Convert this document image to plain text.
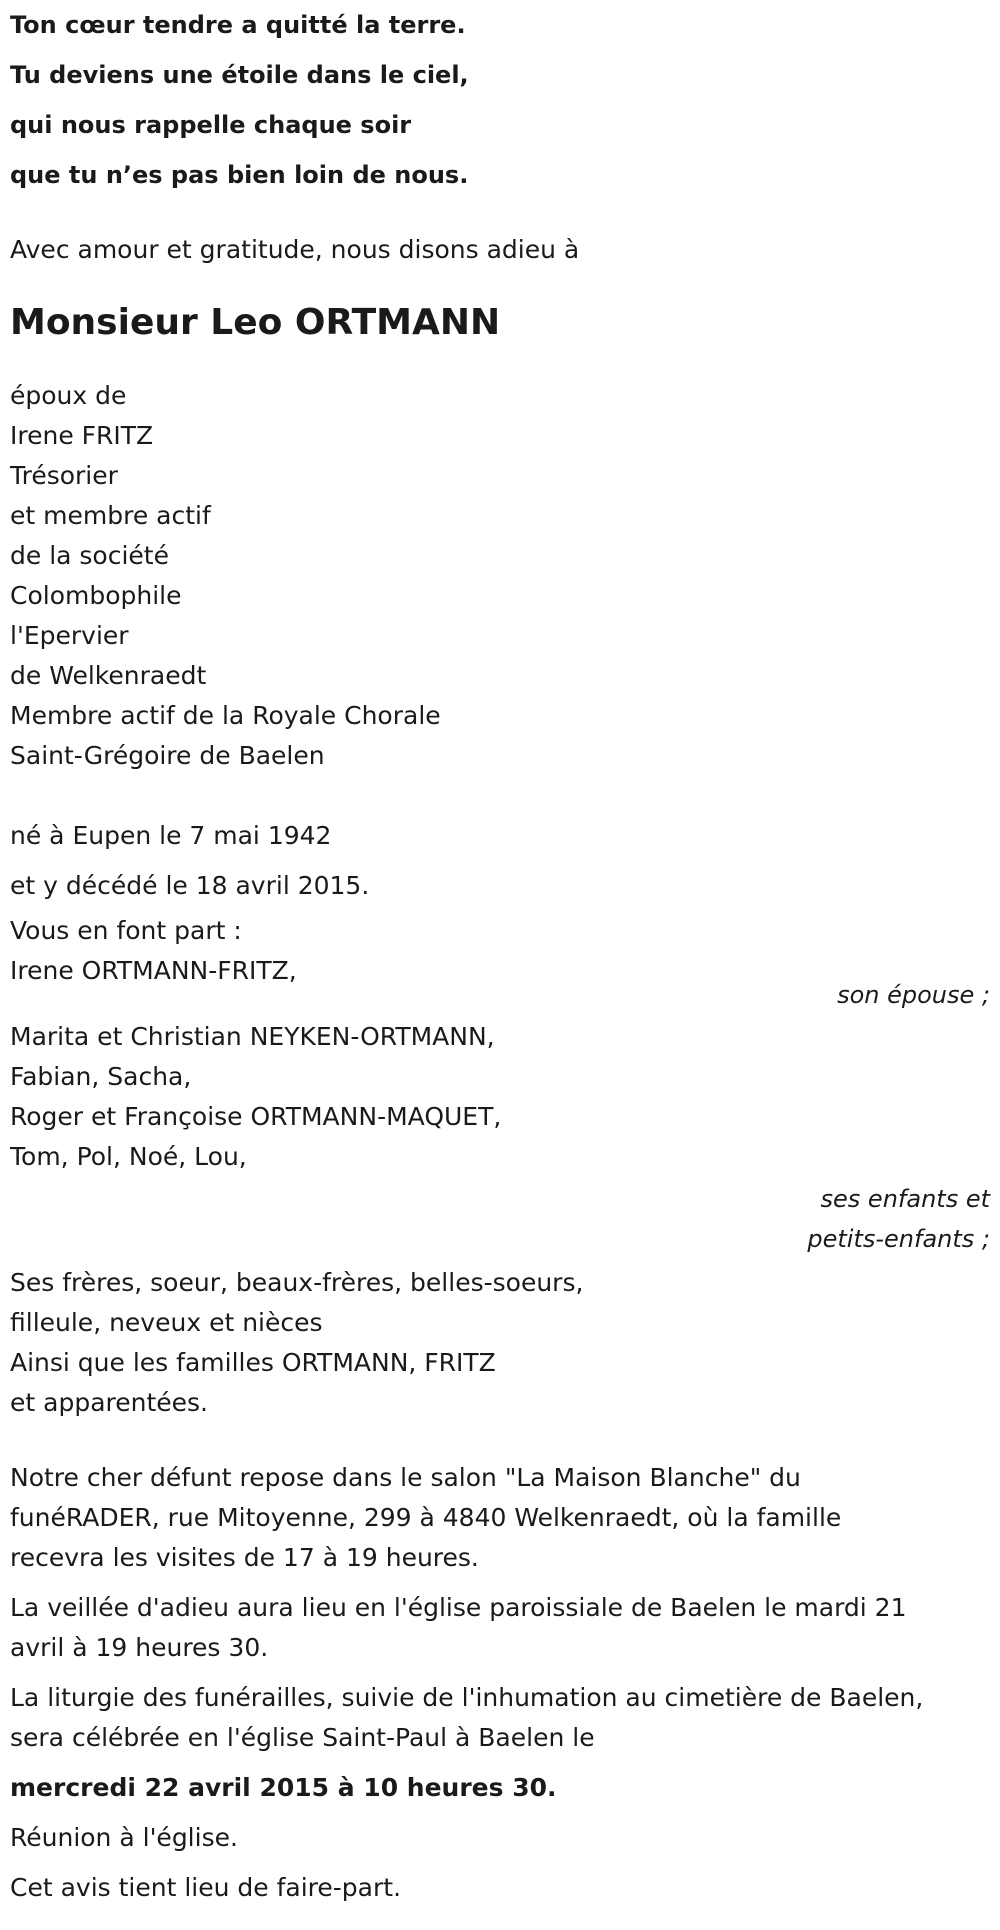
Ton cœur tendre a quitté la terre.
Tu deviens une étoile dans le ciel,
qui nous rappelle chaque soir
que tu n’es pas bien loin de nous.
Avec amour et gratitude, nous disons adieu à
Monsieur Leo ORTMANN
époux de
Irene FRITZ
Trésorier
et membre actif
de la société
Colombophile
l'Epervier
de Welkenraedt
Membre actif de la Royale Chorale
Saint-Grégoire de Baelen
né à Eupen le 7 mai 1942
et y décédé le 18 avril 2015.
Vous en font part :
Irene ORTMANN-FRITZ,
son épouse ;
Marita et Christian NEYKEN-ORTMANN,
Fabian, Sacha,
Roger et Françoise ORTMANN-MAQUET,
Tom, Pol, Noé, Lou,
ses enfants et
petits-enfants ;
Ses frères, soeur, beaux-frères, belles-soeurs,
filleule, neveux et nièces
Ainsi que les familles ORTMANN, FRITZ
et apparentées.
Notre cher défunt repose dans le salon "La Maison Blanche" du
funéRADER, rue Mitoyenne, 299 à 4840 Welkenraedt, où la famille
recevra les visites de 17 à 19 heures.
La veillée d'adieu aura lieu en l'église paroissiale de Baelen le mardi 21
avril à 19 heures 30.
La liturgie des funérailles, suivie de l'inhumation au cimetière de Baelen,
sera célébrée en l'église Saint-Paul à Baelen le
mercredi 22 avril 2015 à 10 heures 30.
Réunion à l'église.
Cet avis tient lieu de faire-part.
